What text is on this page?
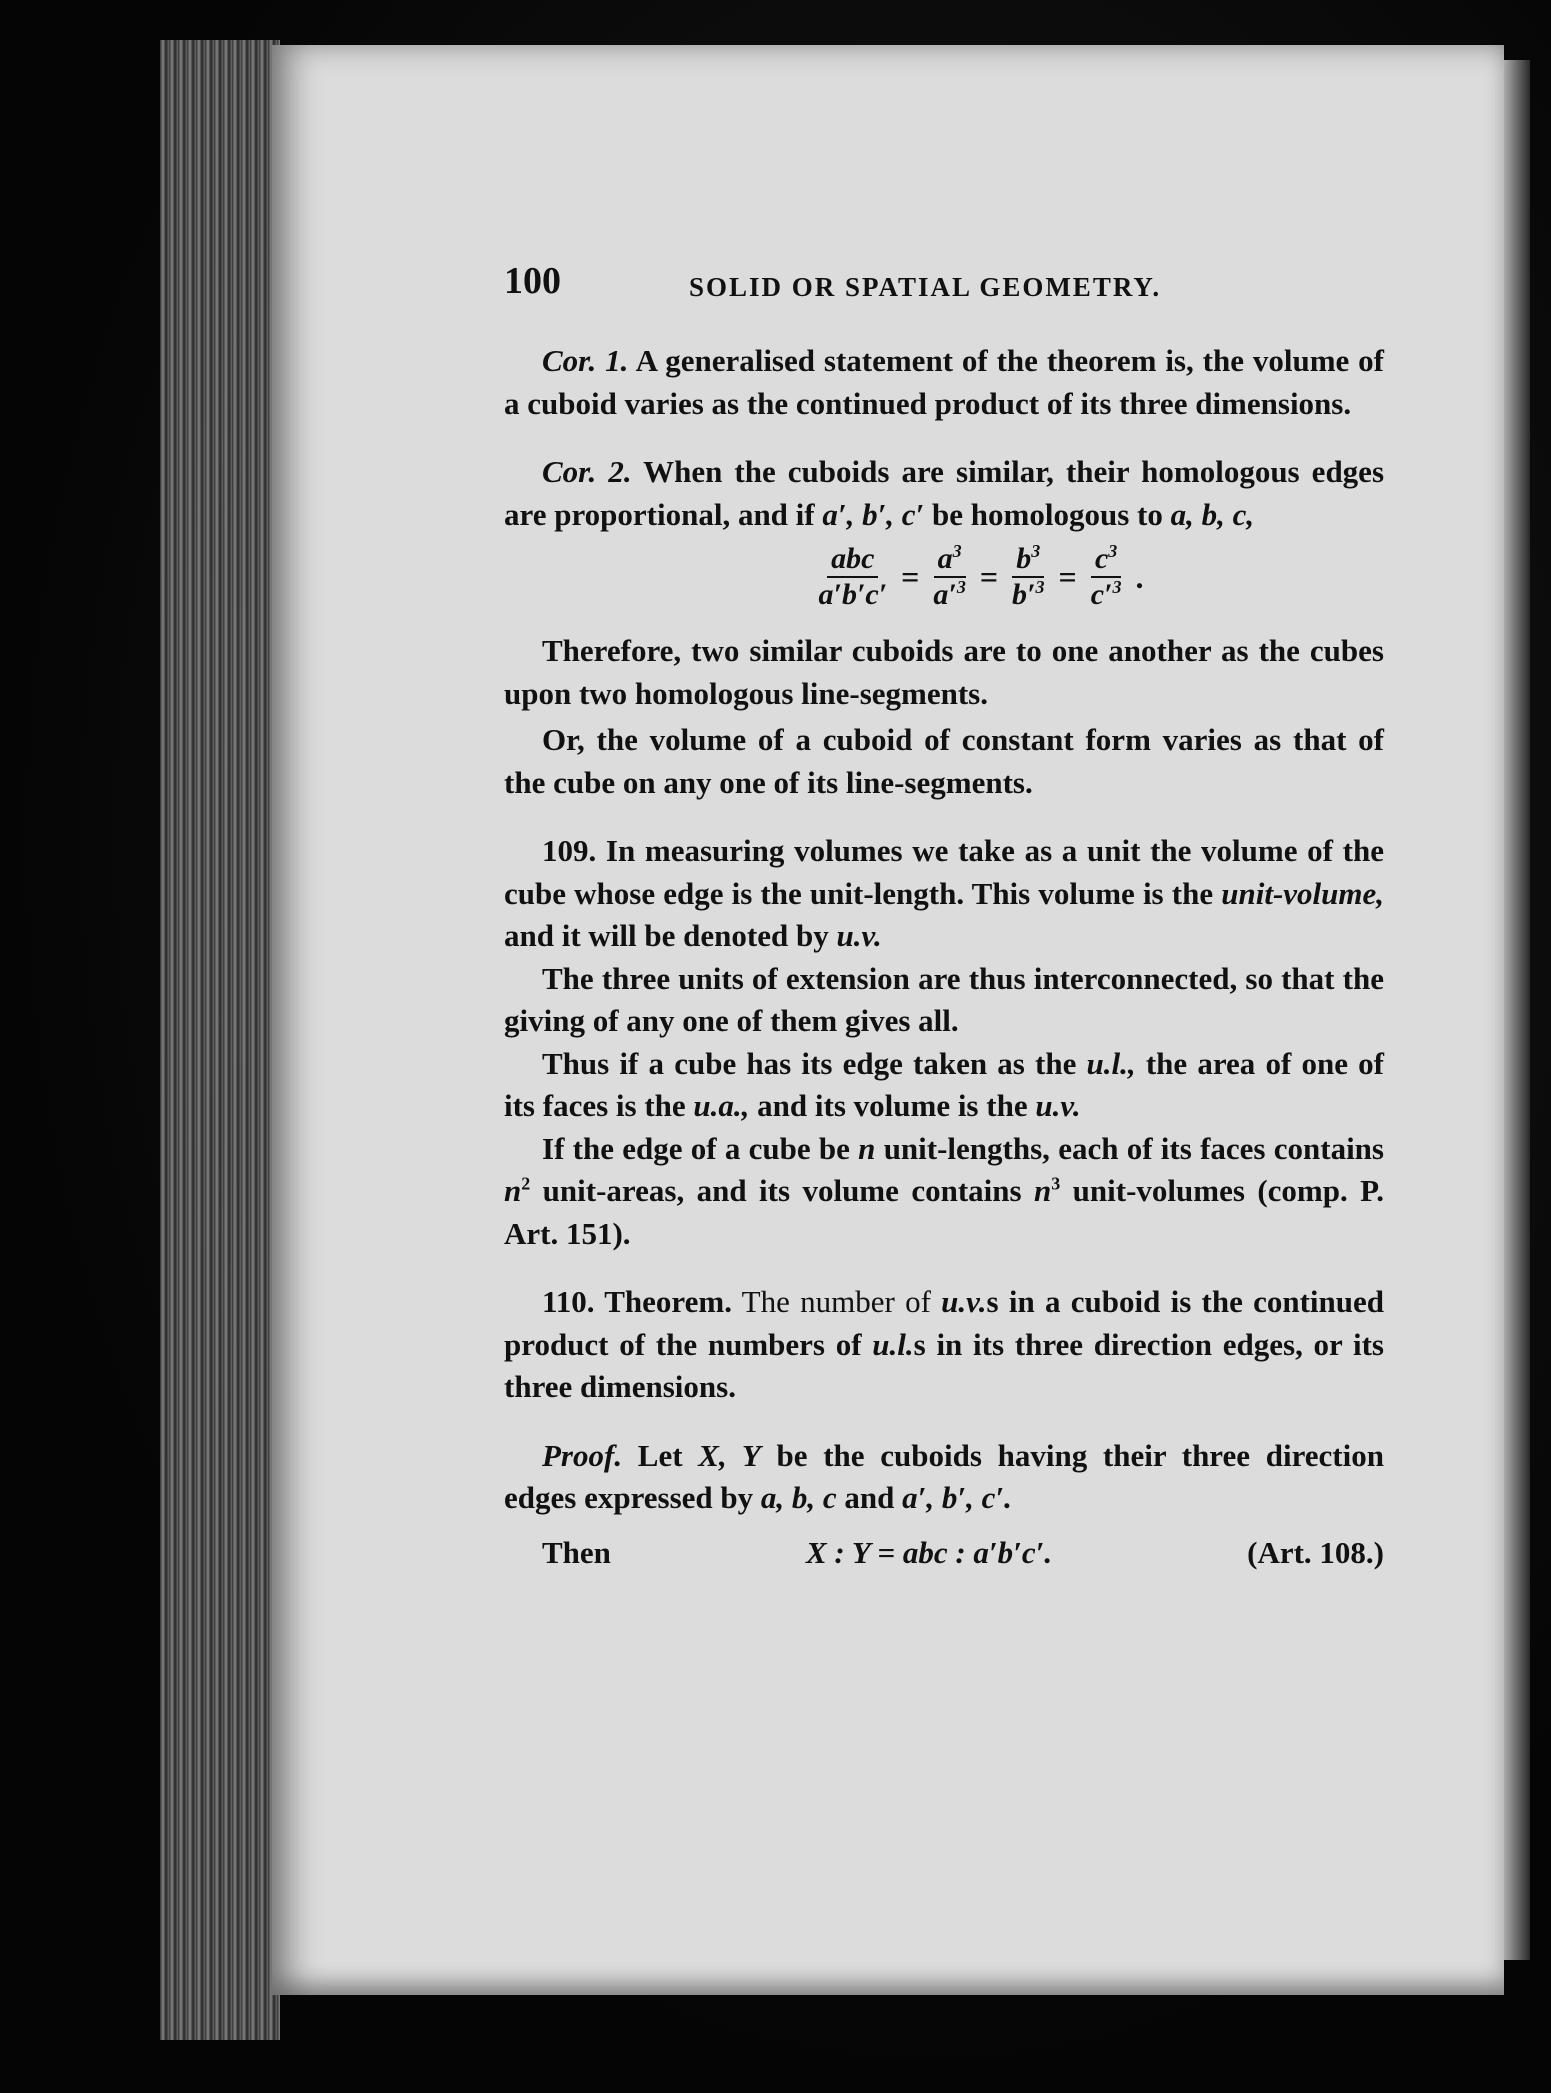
100	SOLID OR SPATIAL GEOMETRY.

Cor. 1. A generalised statement of the theorem is, the volume of a cuboid varies as the continued product of its three dimensions.

Cor. 2. When the cuboids are similar, their homologous edges are proportional, and if a′, b′, c′ be homologous to a, b, c,

$\frac{\text{abc}}{a'b'c'} = \frac{a^3}{a'^3} = \frac{b^3}{b'^3} = \frac{c^3}{c'^3}$ .

Therefore, two similar cuboids are to one another as the cubes upon two homologous line-segments.

Or, the volume of a cuboid of constant form varies as that of the cube on any one of its line-segments.

109. In measuring volumes we take as a unit the volume of the cube whose edge is the unit-length. This volume is the unit-volume, and it will be denoted by u.v.

The three units of extension are thus interconnected, so that the giving of any one of them gives all.

Thus if a cube has its edge taken as the u.l., the area of one of its faces is the u.a., and its volume is the u.v.

If the edge of a cube be n unit-lengths, each of its faces contains $n^2$ unit-areas, and its volume contains $n^3$ unit-volumes (comp. P. Art. 151).

110. Theorem. The number of u.v.s in a cuboid is the continued product of the numbers of u.l.s in its three direction edges, or its three dimensions.

Proof. Let X, Y be the cuboids having their three direction edges expressed by a, b, c and a′, b′, c′.

Then	X : Y = abc : a′b′c′.	(Art. 108.)
